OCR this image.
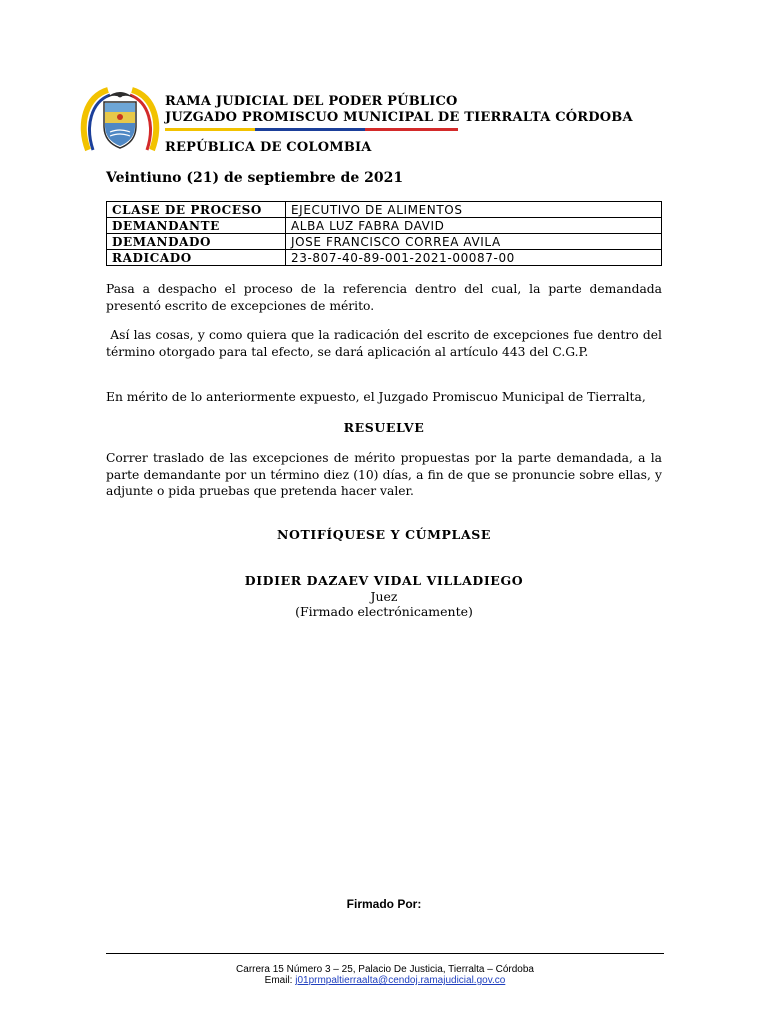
RAMA JUDICIAL DEL PODER PÚBLICO
JUZGADO PROMISCUO MUNICIPAL DE TIERRALTA CÓRDOBA
REPÚBLICA DE COLOMBIA
Veintiuno (21) de septiembre de 2021
CLASE DE PROCESO	EJECUTIVO DE ALIMENTOS
DEMANDANTE	ALBA LUZ FABRA DAVID
DEMANDADO	JOSE FRANCISCO CORREA AVILA
RADICADO	23-807-40-89-001-2021-00087-00
Pasa a despacho el proceso de la referencia dentro del cual, la parte demandada presentó escrito de excepciones de mérito.
Así las cosas, y como quiera que la radicación del escrito de excepciones fue dentro del término otorgado para tal efecto, se dará aplicación al artículo 443 del C.G.P.
En mérito de lo anteriormente expuesto, el Juzgado Promiscuo Municipal de Tierralta,
RESUELVE
Correr traslado de las excepciones de mérito propuestas por la parte demandada, a la parte demandante por un término diez (10) días, a fin de que se pronuncie sobre ellas, y adjunte o pida pruebas que pretenda hacer valer.
NOTIFÍQUESE Y CÚMPLASE
DIDIER DAZAEV VIDAL VILLADIEGO
Juez
(Firmado electrónicamente)
Firmado Por:
Carrera 15 Número 3 – 25, Palacio De Justicia, Tierralta – Córdoba
Email: j01prmpaltierraalta@cendoj.ramajudicial.gov.co
